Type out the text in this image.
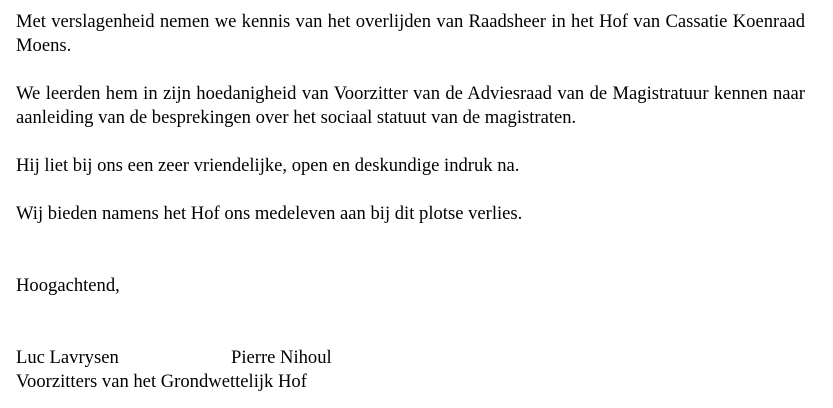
Met verslagenheid nemen we kennis van het overlijden van Raadsheer in het Hof van Cassatie Koenraad Moens.

We leerden hem in zijn hoedanigheid van Voorzitter van de Adviesraad van de Magistratuur kennen naar aanleiding van de besprekingen over het sociaal statuut van de magistraten.

Hij liet bij ons een zeer vriendelijke, open en deskundige indruk na.

Wij bieden namens het Hof ons medeleven aan bij dit plotse verlies.

Hoogachtend,

Luc Lavrysen	Pierre Nihoul

Voorzitters van het Grondwettelijk Hof
